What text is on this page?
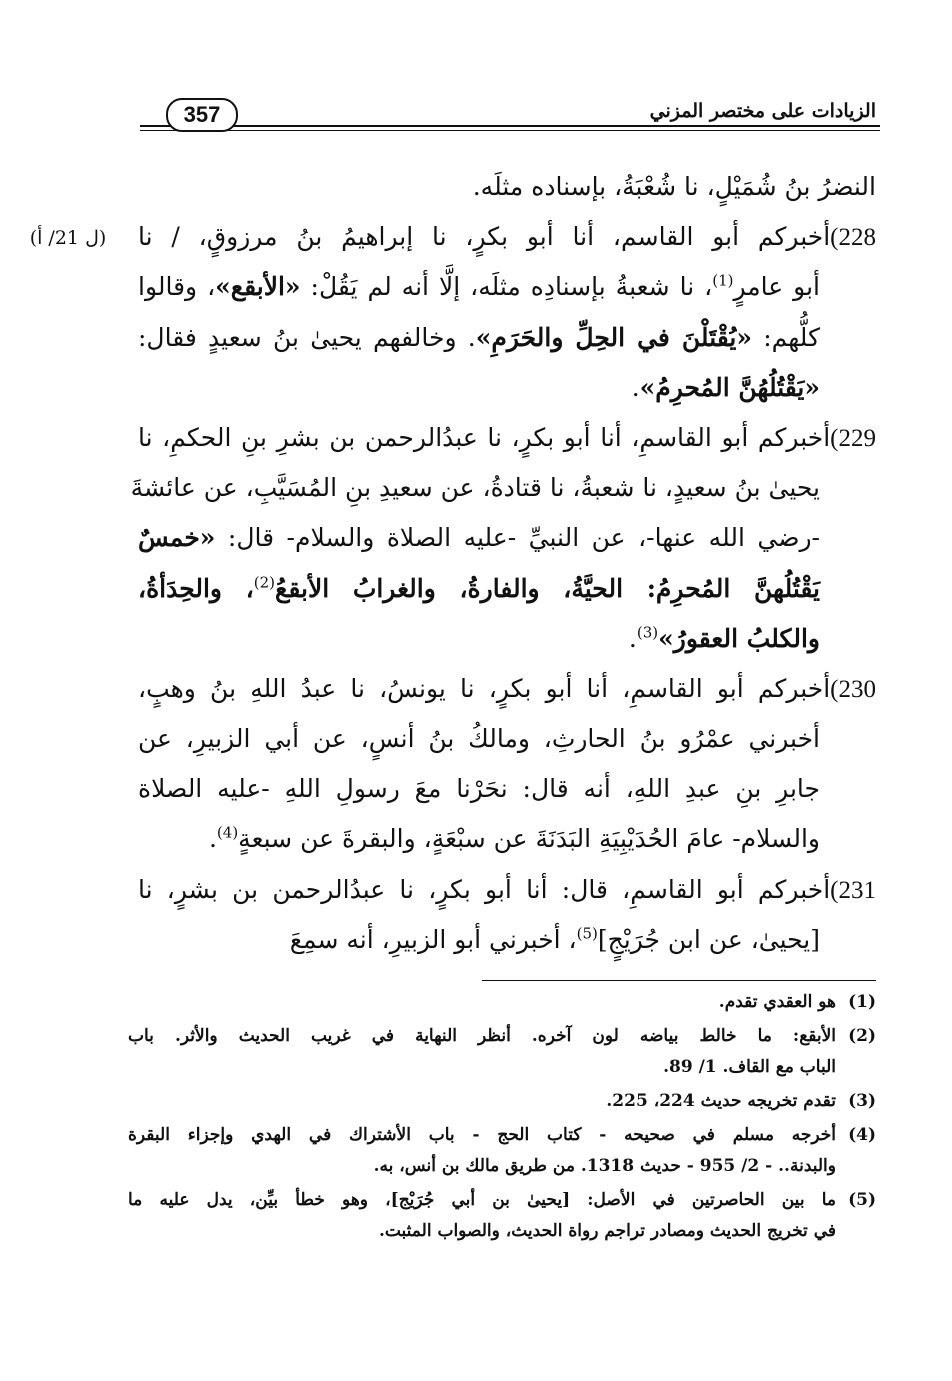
357	الزيادات على مختصر المزني
(ل 21/ أ)
النضرُ بنُ شُمَيْلٍ، نا شُعْبَةُ، بإسناده مثلَه.
228)أخبركم أبو القاسم، أنا أبو بكرٍ، نا إبراهيمُ بنُ مرزوقٍ، / نا
أبو عامرٍ$^{(1)}$، نا شعبةُ بإسنادِه مثلَه، إلَّا أنه لم يَقُلْ: «الأبقع»، وقالوا
كلُّهم: «يُقْتَلْنَ في الحِلِّ والحَرَمِ». وخالفهم يحيىٰ بنُ سعيدٍ فقال:
«يَقْتُلُهُنَّ المُحرِمُ».
229)أخبركم أبو القاسمِ، أنا أبو بكرٍ، نا عبدُالرحمن بن بشرِ بنِ الحكمِ، نا
يحيىٰ بنُ سعيدٍ، نا شعبةُ، نا قتادةُ، عن سعيدِ بنِ المُسَيَّبِ، عن عائشةَ
-رضي الله عنها-، عن النبيِّ -عليه الصلاة والسلام- قال: «خمسٌ
يَقْتُلُهنَّ المُحرِمُ: الحيَّةُ، والفارةُ، والغرابُ الأبقعُ$^{(2)}$، والحِدَأةُ،
والكلبُ العقورُ»$^{(3)}$.
230)أخبركم أبو القاسمِ، أنا أبو بكرٍ، نا يونسُ، نا عبدُ اللهِ بنُ وهبٍ،
أخبرني عمْرُو بنُ الحارثِ، ومالكُ بنُ أنسٍ، عن أبي الزبيرِ، عن
جابرِ بنِ عبدِ اللهِ، أنه قال: نحَرْنا معَ رسولِ اللهِ -عليه الصلاة
والسلام- عامَ الحُدَيْبِيَةِ البَدَنَةَ عن سبْعَةٍ، والبقرةَ عن سبعةٍ$^{(4)}$.
231)أخبركم أبو القاسمِ، قال: أنا أبو بكرٍ، نا عبدُالرحمن بن بشرٍ، نا
[يحيىٰ، عن ابن جُرَيْجٍ]$^{(5)}$، أخبرني أبو الزبيرِ، أنه سمِعَ
(1)
هو العقدي تقدم.
(2)
الأبقع: ما خالط بياضه لون آخره. أنظر النهاية في غريب الحديث والأثر. باب
الباب مع القاف. 1/ 89.
(3)
تقدم تخريجه حديث 224، 225.
(4)
أخرجه مسلم في صحيحه - كتاب الحج - باب الأشتراك في الهدي وإجزاء البقرة
والبدنة.. - 2/ 955 - حديث 1318. من طريق مالك بن أنس، به.
(5)
ما بين الحاصرتين في الأصل: [يحيىٰ بن أبي جُرَيْج]، وهو خطأ بيِّن، يدل عليه ما
في تخريج الحديث ومصادر تراجم رواة الحديث، والصواب المثبت.
